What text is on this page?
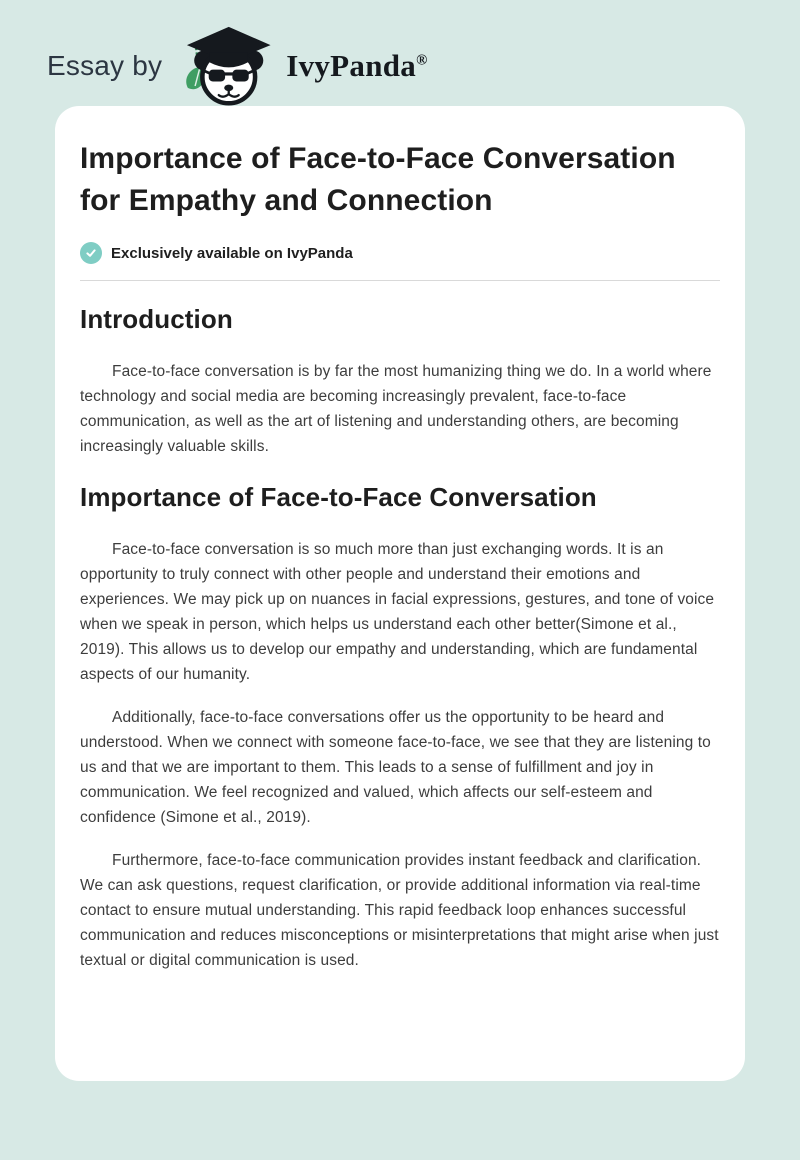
Essay by	IvyPanda®
Importance of Face-to-Face Conversation for Empathy and Connection
Exclusively available on IvyPanda
Introduction

Face-to-face conversation is by far the most humanizing thing we do. In a world where technology and social media are becoming increasingly prevalent, face-to-face communication, as well as the art of listening and understanding others, are becoming increasingly valuable skills.

Importance of Face-to-Face Conversation

Face-to-face conversation is so much more than just exchanging words. It is an opportunity to truly connect with other people and understand their emotions and experiences. We may pick up on nuances in facial expressions, gestures, and tone of voice when we speak in person, which helps us understand each other better(Simone et al., 2019). This allows us to develop our empathy and understanding, which are fundamental aspects of our humanity.

Additionally, face-to-face conversations offer us the opportunity to be heard and understood. When we connect with someone face-to-face, we see that they are listening to us and that we are important to them. This leads to a sense of fulfillment and joy in communication. We feel recognized and valued, which affects our self-esteem and confidence (Simone et al., 2019).

Furthermore, face-to-face communication provides instant feedback and clarification. We can ask questions, request clarification, or provide additional information via real-time contact to ensure mutual understanding. This rapid feedback loop enhances successful communication and reduces misconceptions or misinterpretations that might arise when just textual or digital communication is used.
